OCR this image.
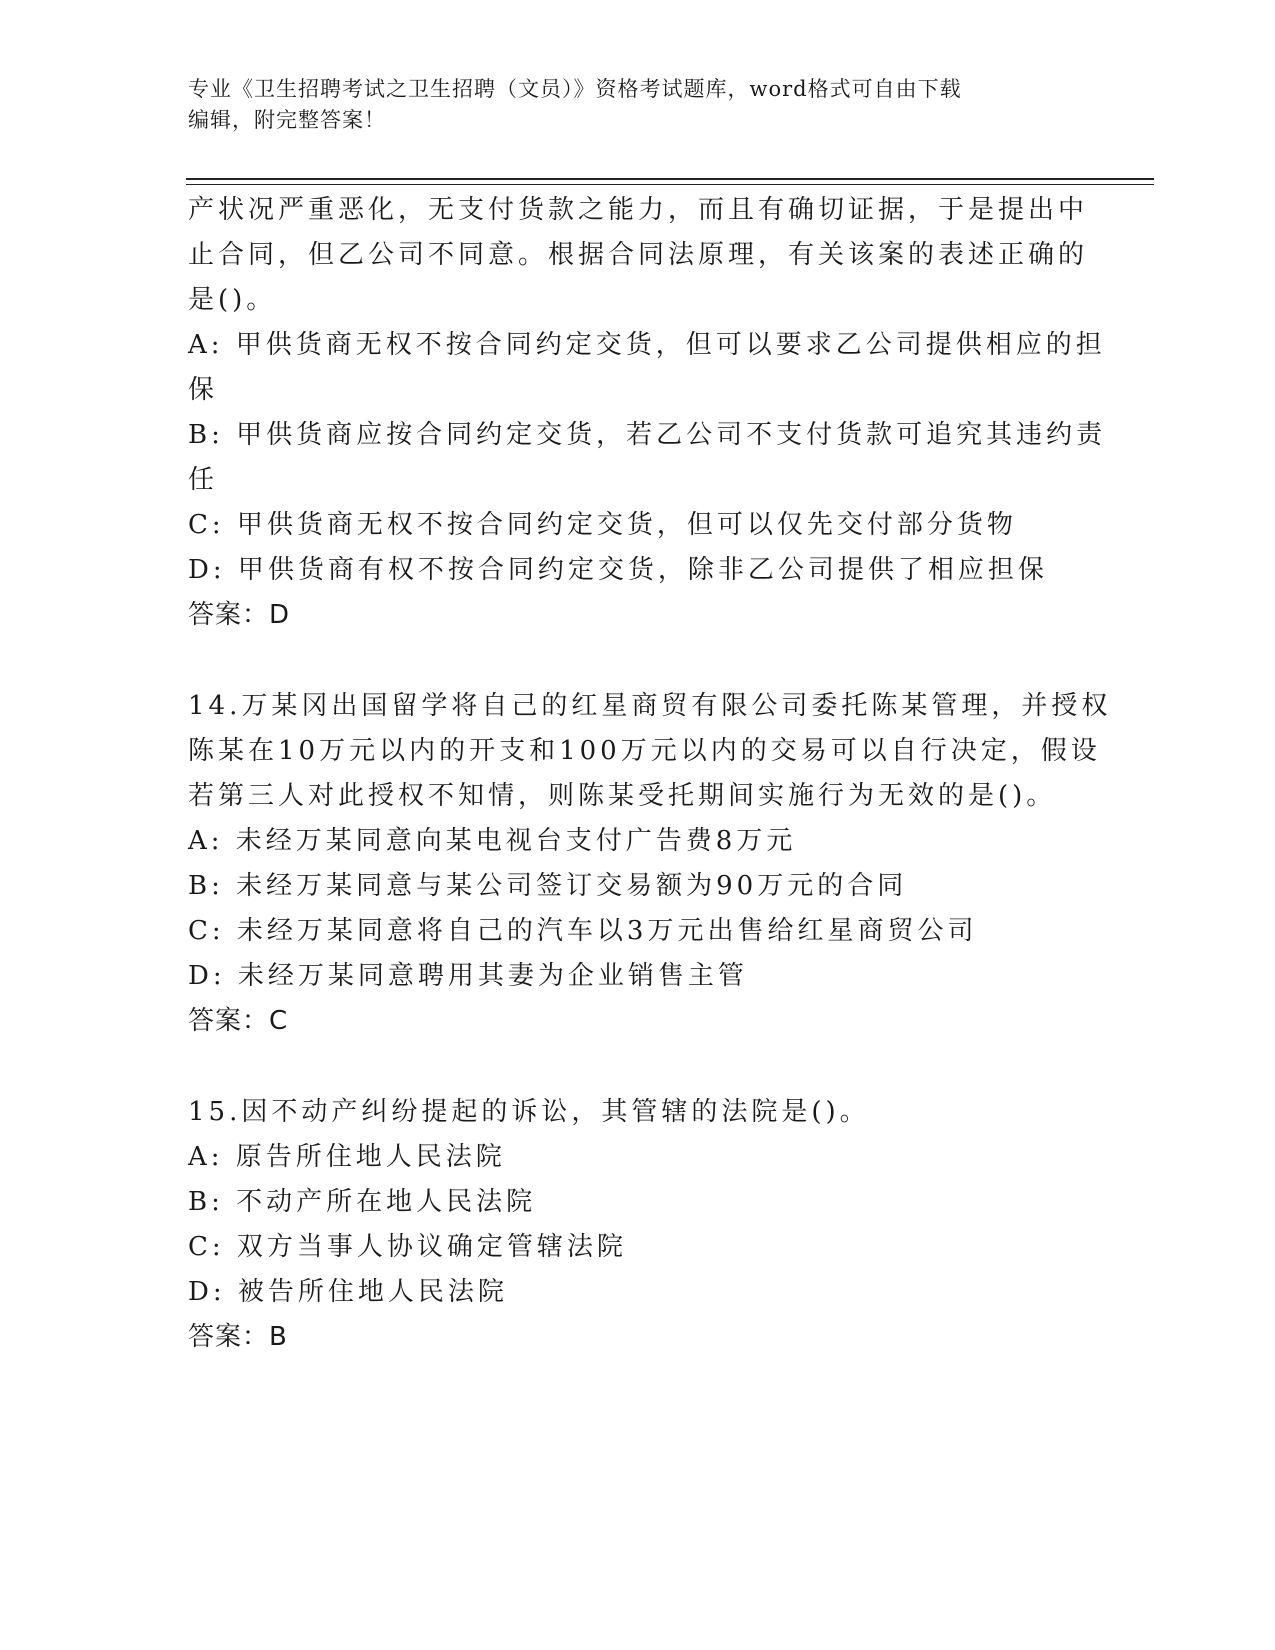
专业《卫生招聘考试之卫生招聘（文员）》资格考试题库，word格式可自由下载
编辑，附完整答案！
产状况严重恶化，无支付货款之能力，而且有确切证据，于是提出中
止合同，但乙公司不同意。根据合同法原理，有关该案的表述正确的
是()。
A: 甲供货商无权不按合同约定交货，但可以要求乙公司提供相应的担
保
B: 甲供货商应按合同约定交货，若乙公司不支付货款可追究其违约责
任
C: 甲供货商无权不按合同约定交货，但可以仅先交付部分货物
D: 甲供货商有权不按合同约定交货，除非乙公司提供了相应担保
答案：D
14.万某冈出国留学将自己的红星商贸有限公司委托陈某管理，并授权
陈某在10万元以内的开支和100万元以内的交易可以自行决定，假设
若第三人对此授权不知情，则陈某受托期间实施行为无效的是()。
A: 未经万某同意向某电视台支付广告费8万元
B: 未经万某同意与某公司签订交易额为90万元的合同
C: 未经万某同意将自己的汽车以3万元出售给红星商贸公司
D: 未经万某同意聘用其妻为企业销售主管
答案：C
15.因不动产纠纷提起的诉讼，其管辖的法院是()。
A: 原告所住地人民法院
B: 不动产所在地人民法院
C: 双方当事人协议确定管辖法院
D: 被告所住地人民法院
答案：B
